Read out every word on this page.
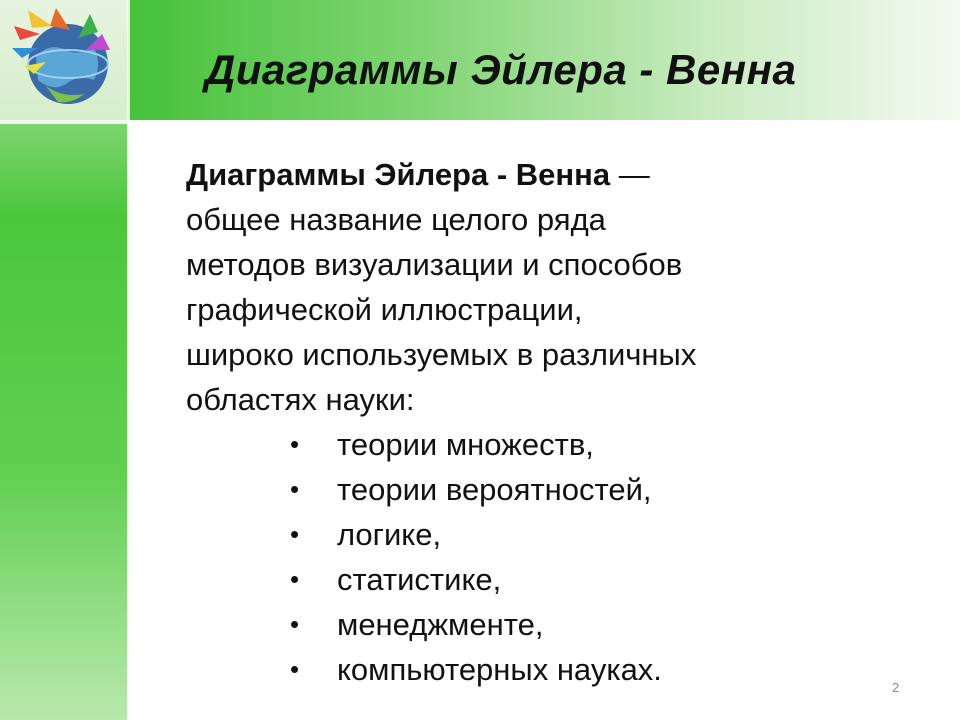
Диаграммы Эйлера - Венна

Диаграммы Эйлера - Венна —

общее название целого ряда

методов визуализации и способов

графической иллюстрации,

широко используемых в различных

областях науки:

• теории множеств,
• теории вероятностей,
• логике,
• статистике,
• менеджменте,
• компьютерных науках.
2
